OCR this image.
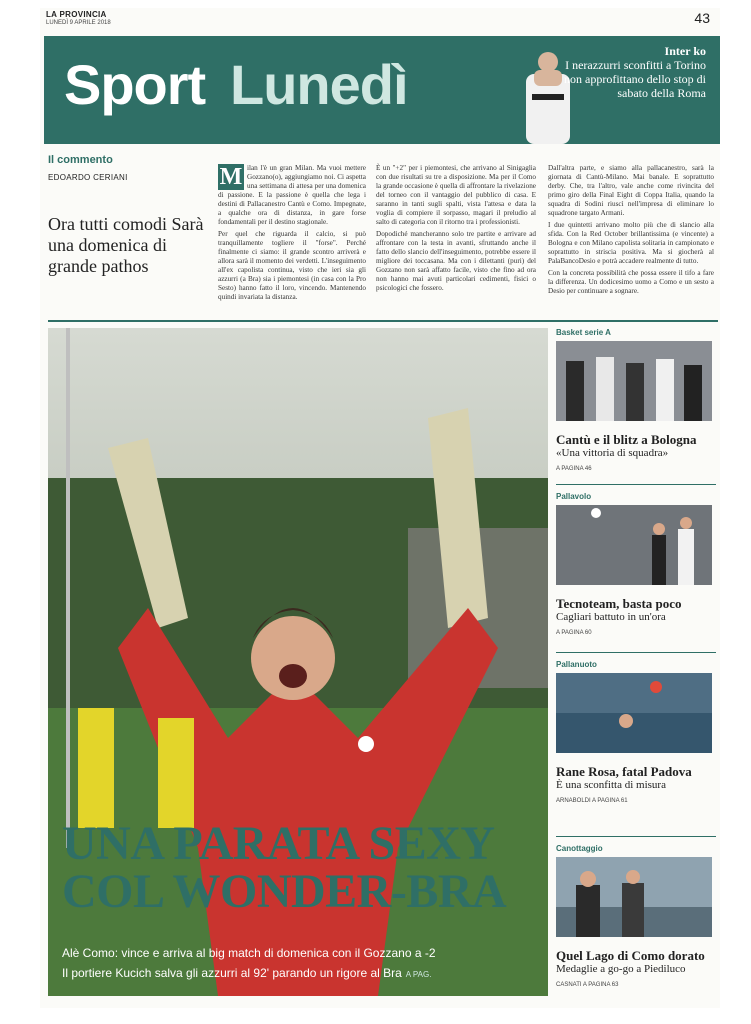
LA PROVINCIA
LUNEDÌ 9 APRILE 2018	43
Sport Lunedì
Inter ko
I nerazzurri sconfitti a Torino non approfittano dello stop di sabato della Roma
Il commento
EDOARDO CERIANI
Ora tutti comodi Sarà una domenica di grande pathos

M ilan l'è un gran Milan. Ma vuoi mettere Gozzano(o), aggiungiamo noi. Ci aspetta una settimana di attesa per una domenica di passione. E la passione è quella che lega i destini di Pallacanestro Cantù e Como. Impegnate, a qualche ora di distanza, in gare forse fondamentali per il destino stagionale.

Per quel che riguarda il calcio, si può tranquillamente togliere il "forse". Perché finalmente ci siamo: il grande scontro arriverà e allora sarà il momento dei verdetti. L'inseguimento all'ex capolista continua, visto che ieri sia gli azzurri (a Bra) sia i piemontesi (in casa con la Pro Sesto) hanno fatto il loro, vincendo. Mantenendo quindi invariata la distanza.

È un "+2" per i piemontesi, che arrivano al Sinigaglia con due risultati su tre a disposizione. Ma per il Como la grande occasione è quella di affrontare la rivelazione del torneo con il vantaggio del pubblico di casa. E saranno in tanti sugli spalti, vista l'attesa e data la voglia di compiere il sorpasso, magari il preludio al salto di categoria con il ritorno tra i professionisti.

Dopodiché mancheranno solo tre partite e arrivare ad affrontare con la testa in avanti, sfruttando anche il fatto dello slancio dell'inseguimento, potrebbe essere il migliore dei toccasana. Ma con i dilettanti (puri) del Gozzano non sarà affatto facile, visto che fino ad ora non hanno mai avuti particolari cedimenti, fisici o psicologici che fossero.

Dall'altra parte, e siamo alla pallacanestro, sarà la giornata di Cantù-Milano. Mai banale. E soprattutto derby. Che, tra l'altro, vale anche come rivincita del primo giro della Final Eight di Coppa Italia, quando la squadra di Sodini riuscì nell'impresa di eliminare lo squadrone targato Armani.

I due quintetti arrivano molto più che di slancio alla sfida. Con la Red October brillantissima (e vincente) a Bologna e con Milano capolista solitaria in campionato e soprattutto in striscia positiva. Ma si giocherà al PalaBancoDesio e potrà accadere realmente di tutto.

Con la concreta possibilità che possa essere il tifo a fare la differenza. Un dodicesimo uomo a Como e un sesto a Desio per continuare a sognare.

UNA PARATA SEXY COL WONDER-BRA
Alè Como: vince e arriva al big match di domenica con il Gozzano a -2
Il portiere Kucich salva gli azzurri al 92' parando un rigore al Bra A PAG.
Basket serie A
Cantù e il blitz a Bologna
«Una vittoria di squadra»
A PAGINA 46
Pallavolo
Tecnoteam, basta poco
Cagliari battuto in un'ora
A PAGINA 60
Pallanuoto
Rane Rosa, fatal Padova
È una sconfitta di misura
ARNABOLDI A PAGINA 61
Canottaggio
Quel Lago di Como dorato
Medaglie a go-go a Piediluco
CASNATI A PAGINA 63
